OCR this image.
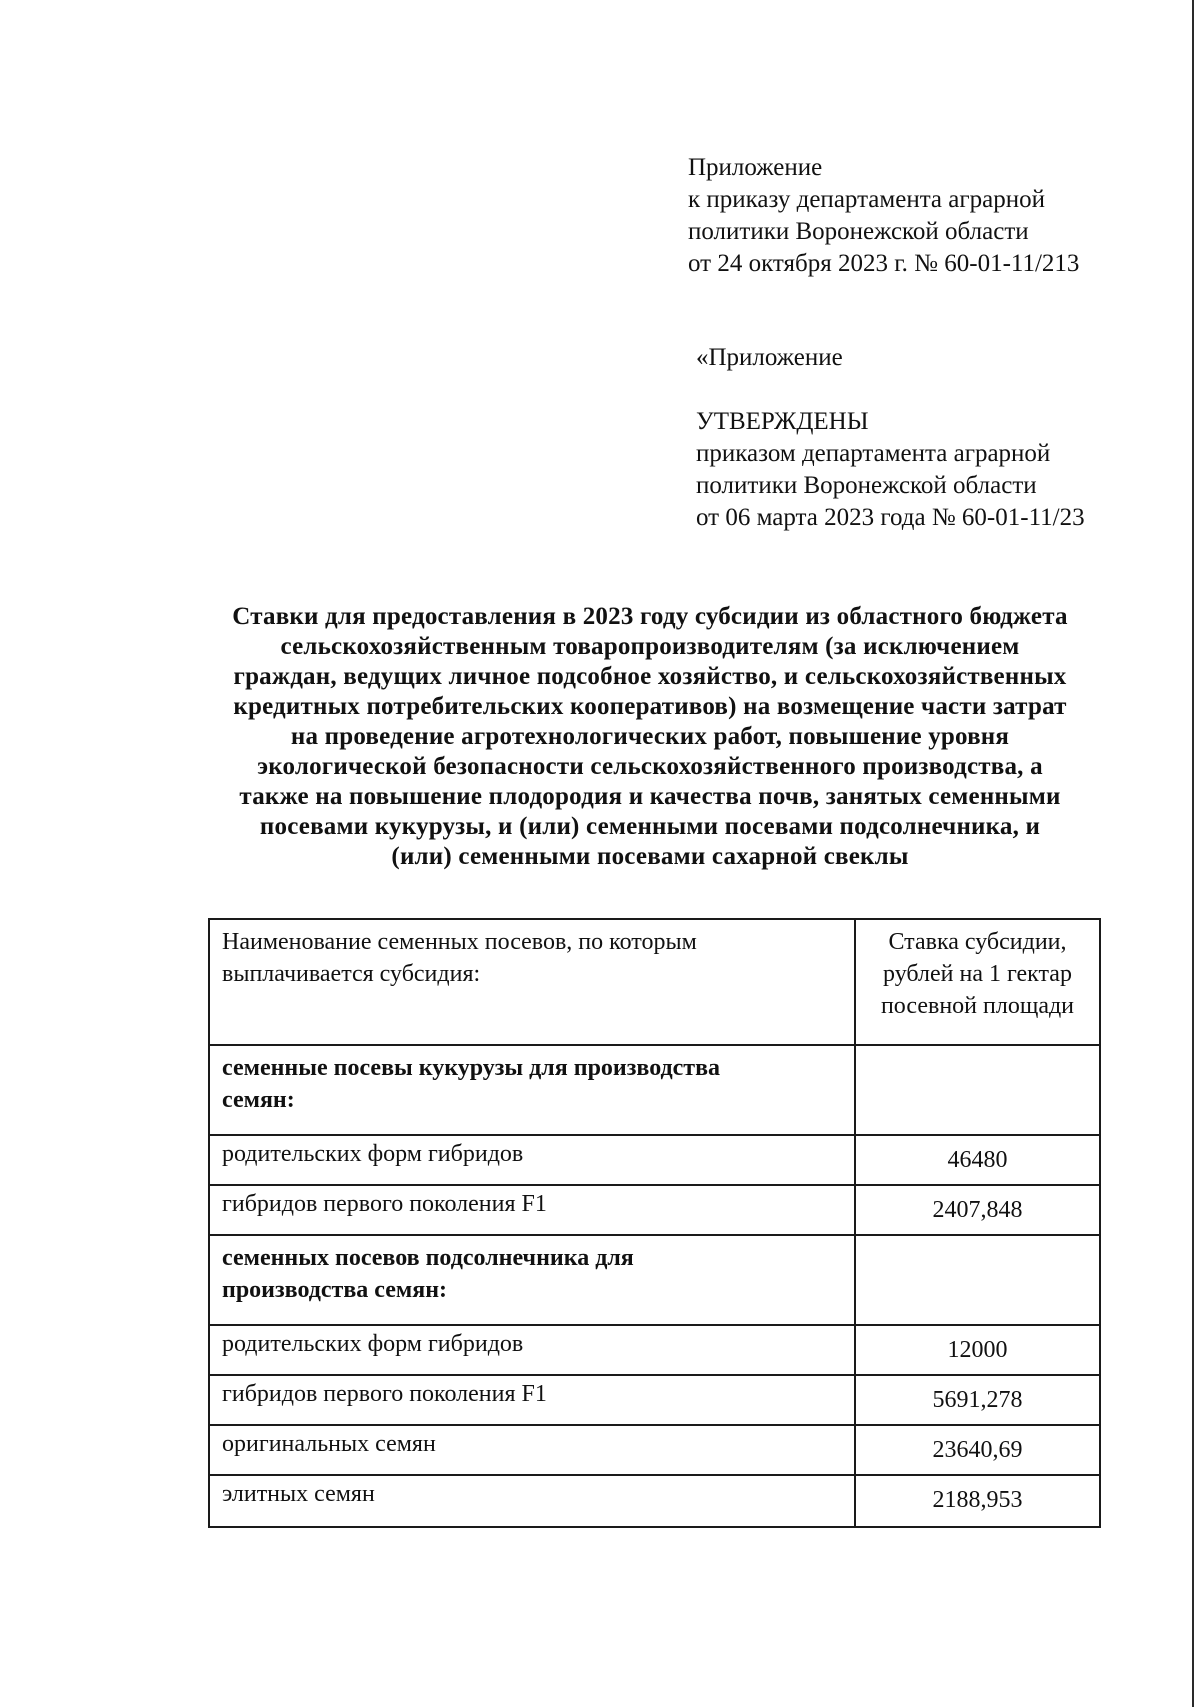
Приложение
к приказу департамента аграрной
политики Воронежской области
от 24 октября 2023 г. № 60-01-11/213
«Приложение
УТВЕРЖДЕНЫ
приказом департамента аграрной
политики Воронежской области
от 06 марта 2023 года № 60-01-11/23
Ставки для предоставления в 2023 году субсидии из областного бюджета
сельскохозяйственным товаропроизводителям (за исключением
граждан, ведущих личное подсобное хозяйство, и сельскохозяйственных
кредитных потребительских кооперативов) на возмещение части затрат
на проведение агротехнологических работ, повышение уровня
экологической безопасности сельскохозяйственного производства, а
также на повышение плодородия и качества почв, занятых семенными
посевами кукурузы, и (или) семенными посевами подсолнечника, и
(или) семенными посевами сахарной свеклы
Наименование семенных посевов, по которым выплачивается субсидия:	Ставка субсидии,
рублей на 1 гектар
посевной площади

семенные посевы кукурузы для производства
семян:	

родительских форм гибридов	46480
гибридов первого поколения F1	2407,848

семенных посевов подсолнечника для
производства семян:	

родительских форм гибридов	12000
гибридов первого поколения F1	5691,278
оригинальных семян	23640,69
элитных семян	2188,953
